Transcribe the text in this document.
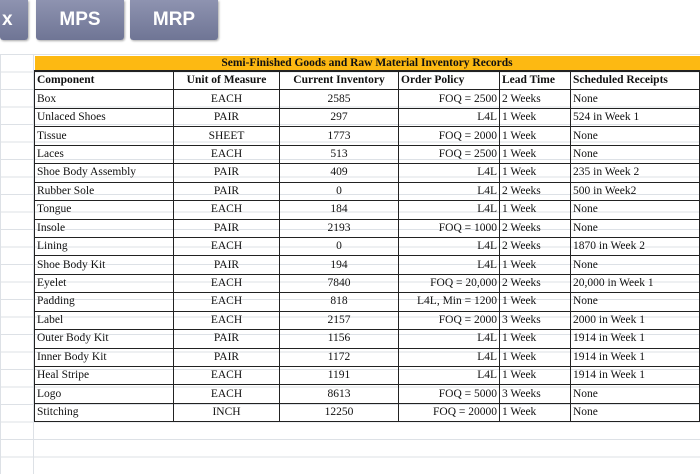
x	MPS	MRP
Semi-Finished Goods and Raw Material Inventory Records					
Component	Unit of Measure	Current Inventory	Order Policy	Lead Time	Scheduled Receipts
Box	EACH	2585	FOQ = 2500	2 Weeks	None
Unlaced Shoes	PAIR	297	L4L	1 Week	524 in Week 1
Tissue	SHEET	1773	FOQ = 2000	1 Week	None
Laces	EACH	513	FOQ = 2500	1 Week	None
Shoe Body Assembly	PAIR	409	L4L	1 Week	235 in Week 2
Rubber Sole	PAIR	0	L4L	2 Weeks	500 in Week2
Tongue	EACH	184	L4L	1 Week	None
Insole	PAIR	2193	FOQ = 1000	2 Weeks	None
Lining	EACH	0	L4L	2 Weeks	1870 in Week 2
Shoe Body Kit	PAIR	194	L4L	1 Week	None
Eyelet	EACH	7840	FOQ = 20,000	2 Weeks	20,000 in Week 1
Padding	EACH	818	L4L, Min = 1200	1 Week	None
Label	EACH	2157	FOQ = 2000	3 Weeks	2000 in Week 1
Outer Body Kit	PAIR	1156	L4L	1 Week	1914 in Week 1
Inner Body Kit	PAIR	1172	L4L	1 Week	1914 in Week 1
Heal Stripe	EACH	1191	L4L	1 Week	1914 in Week 1
Logo	EACH	8613	FOQ = 5000	3 Weeks	None
Stitching	INCH	12250	FOQ = 20000	1 Week	None
